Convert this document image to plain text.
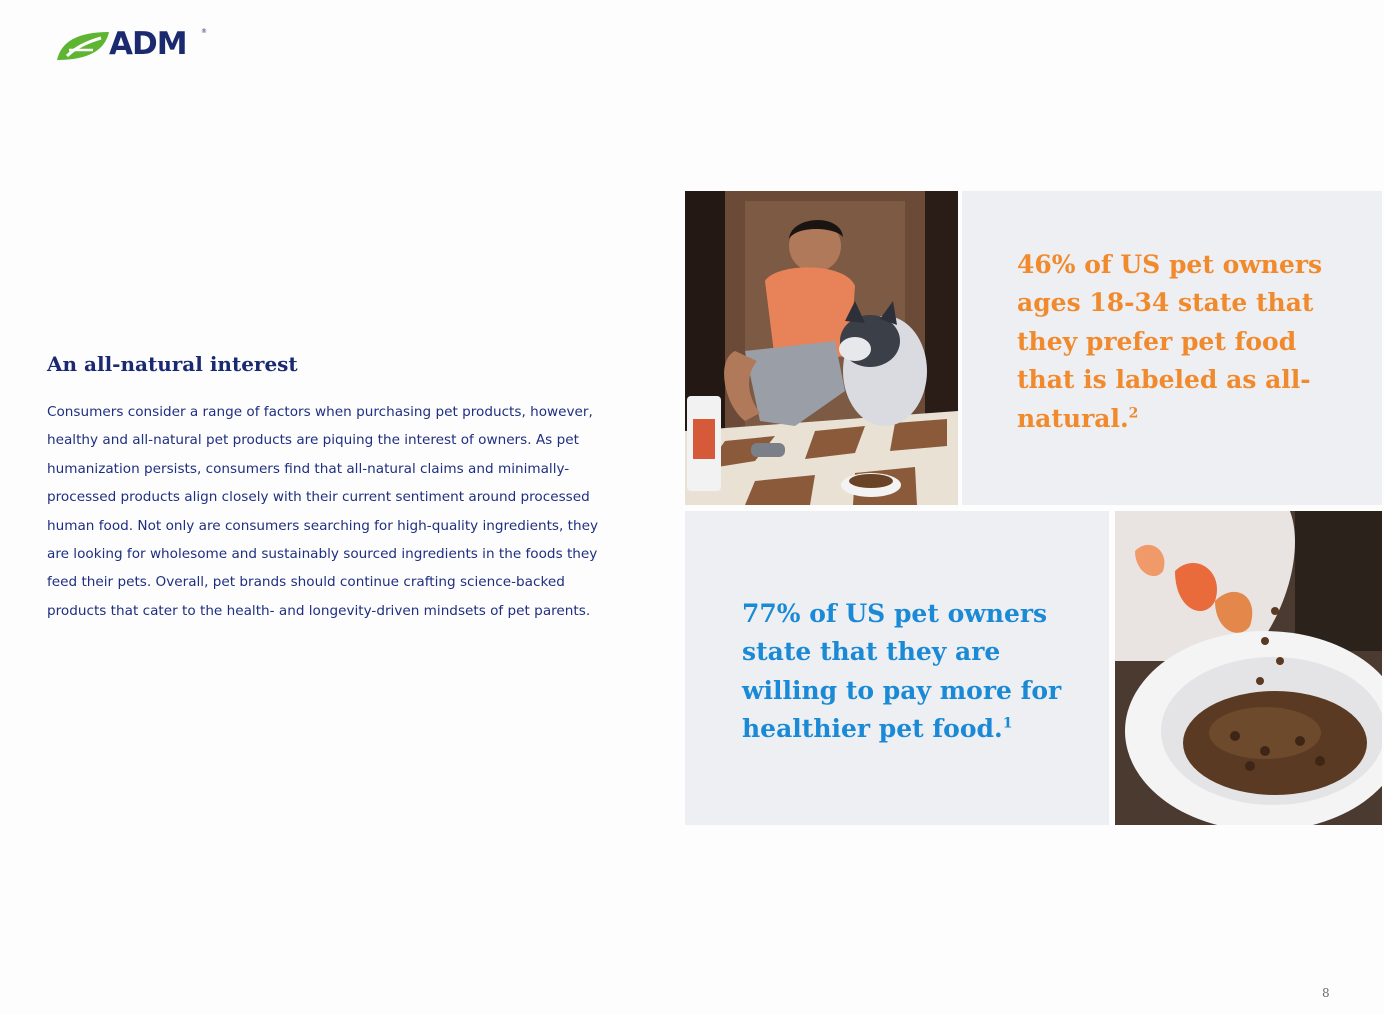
ADM ®
An all-natural interest

Consumers consider a range of factors when purchasing pet products, however, healthy and all-natural pet products are piquing the interest of owners. As pet humanization persists, consumers find that all-natural claims and minimally-processed products align closely with their current sentiment around processed human food. Not only are consumers searching for high-quality ingredients, they are looking for wholesome and sustainably sourced ingredients in the foods they feed their pets. Overall, pet brands should continue crafting science-backed products that cater to the health- and longevity-driven mindsets of pet parents.

46% of US pet owners ages 18-34 state that they prefer pet food that is labeled as all-natural.$^2$

77% of US pet owners state that they are willing to pay more for healthier pet food.$^1$

8
